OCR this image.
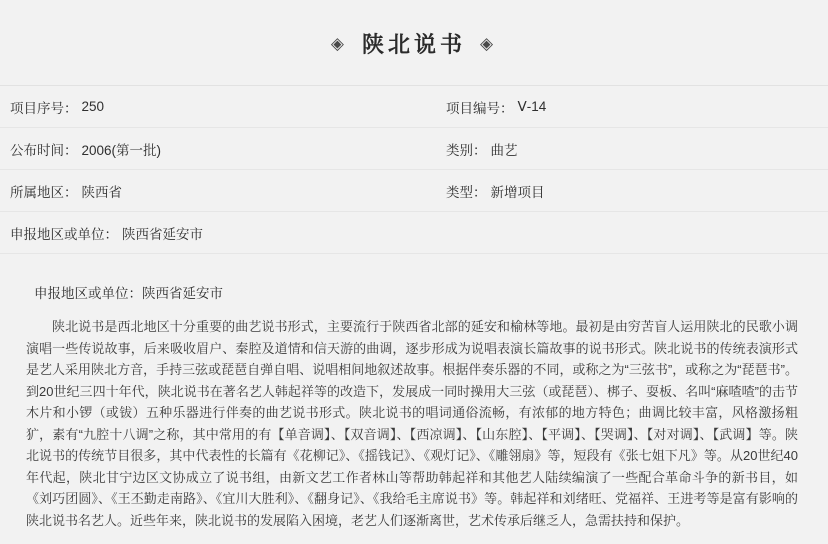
◈ 陕北说书 ◈
项目序号： 250	项目编号： Ⅴ-14
公布时间： 2006(第一批)	类别： 曲艺
所属地区： 陕西省	类型： 新增项目
申报地区或单位： 陕西省延安市
申报地区或单位：陕西省延安市
陕北说书是西北地区十分重要的曲艺说书形式，主要流行于陕西省北部的延安和榆林等地。最初是由穷苦盲人运用陕北的民歌小调演唱一些传说故事，后来吸收眉户、秦腔及道情和信天游的曲调，逐步形成为说唱表演长篇故事的说书形式。陕北说书的传统表演形式是艺人采用陕北方音，手持三弦或琵琶自弹自唱、说唱相间地叙述故事。根据伴奏乐器的不同，或称之为“三弦书”，或称之为“琵琶书”。到20世纪三四十年代，陕北说书在著名艺人韩起祥等的改造下，发展成一同时操用大三弦（或琵琶）、梆子、耍板、名叫“麻喳喳”的击节木片和小锣（或钹）五种乐器进行伴奏的曲艺说书形式。陕北说书的唱词通俗流畅，有浓郁的地方特色；曲调比较丰富，风格激扬粗犷，素有“九腔十八调”之称，其中常用的有【单音调】、【双音调】、【西凉调】、【山东腔】、【平调】、【哭调】、【对对调】、【武调】等。陕北说书的传统节目很多，其中代表性的长篇有《花柳记》、《摇钱记》、《观灯记》、《雕翎扇》等，短段有《张七姐下凡》等。从20世纪40年代起，陕北甘宁边区文协成立了说书组，由新文艺工作者林山等帮助韩起祥和其他艺人陆续编演了一些配合革命斗争的新书目，如《刘巧团圆》、《王丕勤走南路》、《宜川大胜利》、《翻身记》、《我给毛主席说书》等。韩起祥和刘绪旺、党福祥、王进考等是富有影响的陕北说书名艺人。近些年来，陕北说书的发展陷入困境，老艺人们逐渐离世，艺术传承后继乏人，急需扶持和保护。
